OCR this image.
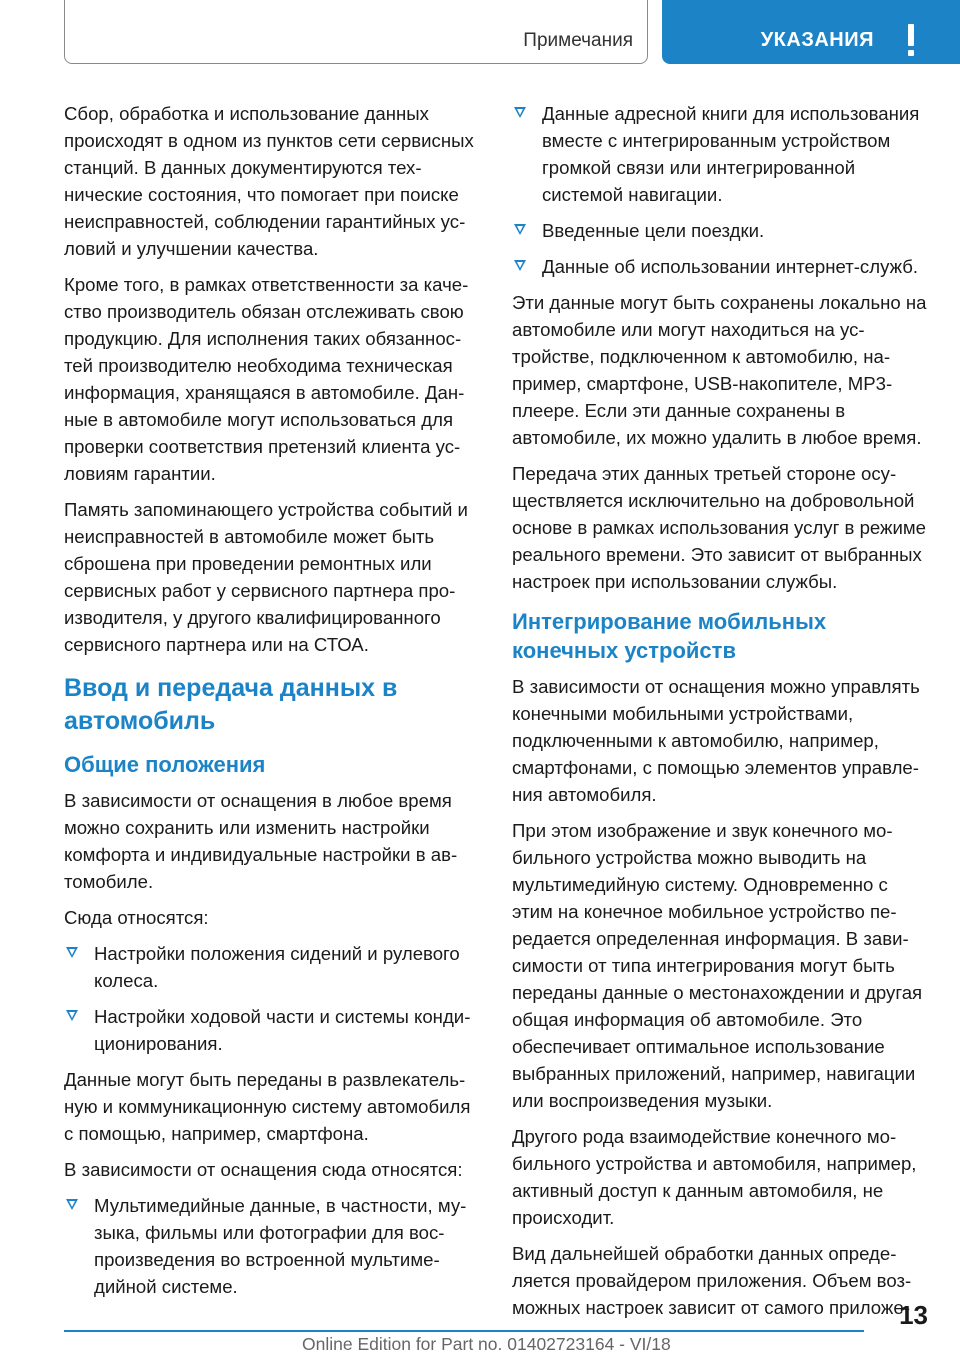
Примечания	УКАЗАНИЯ

Сбор, обработка и использование данных происходят в одном из пунктов сети сервисных станций. В данных документируются технические состояния, что помогает при поиске неисправностей, соблюдении гарантийных условий и улучшении качества.

Кроме того, в рамках ответственности за качество производитель обязан отслеживать свою продукцию. Для исполнения таких обязанностей производителю необходима техническая информация, хранящаяся в автомобиле. Данные в автомобиле могут использоваться для проверки соответствия претензий клиента условиям гарантии.

Память запоминающего устройства событий и неисправностей в автомобиле может быть сброшена при проведении ремонтных или сервисных работ у сервисного партнера производителя, у другого квалифицированного сервисного партнера или на СТОА.

Ввод и передача данных в автомобиль
Общие положения

В зависимости от оснащения в любое время можно сохранить или изменить настройки комфорта и индивидуальные настройки в автомобиле.

Сюда относятся:

Настройки положения сидений и рулевого колеса.
Настройки ходовой части и системы кондиционирования.

Данные могут быть переданы в развлекательную и коммуникационную систему автомобиля с помощью, например, смартфона.

В зависимости от оснащения сюда относятся:

Мультимедийные данные, в частности, музыка, фильмы или фотографии для воспроизведения во встроенной мультимедийной системе.
Данные адресной книги для использования вместе с интегрированным устройством громкой связи или интегрированной системой навигации.
Введенные цели поездки.
Данные об использовании интернет-служб.

Эти данные могут быть сохранены локально на автомобиле или могут находиться на устройстве, подключенном к автомобилю, например, смартфоне, USB-накопителе, MP3-плеере. Если эти данные сохранены в автомобиле, их можно удалить в любое время.

Передача этих данных третьей стороне осуществляется исключительно на добровольной основе в рамках использования услуг в режиме реального времени. Это зависит от выбранных настроек при использовании службы.

Интегрирование мобильных конечных устройств

В зависимости от оснащения можно управлять конечными мобильными устройствами, подключенными к автомобилю, например, смартфонами, с помощью элементов управления автомобиля.

При этом изображение и звук конечного мобильного устройства можно выводить на мультимедийную систему. Одновременно с этим на конечное мобильное устройство передается определенная информация. В зависимости от типа интегрирования могут быть переданы данные о местонахождении и другая общая информация об автомобиле. Это обеспечивает оптимальное использование выбранных приложений, например, навигации или воспроизведения музыки.

Другого рода взаимодействие конечного мобильного устройства и автомобиля, например, активный доступ к данным автомобиля, не происходит.

Вид дальнейшей обработки данных определяется провайдером приложения. Объем возможных настроек зависит от самого приложе-

13
Online Edition for Part no. 01402723164 - VI/18
